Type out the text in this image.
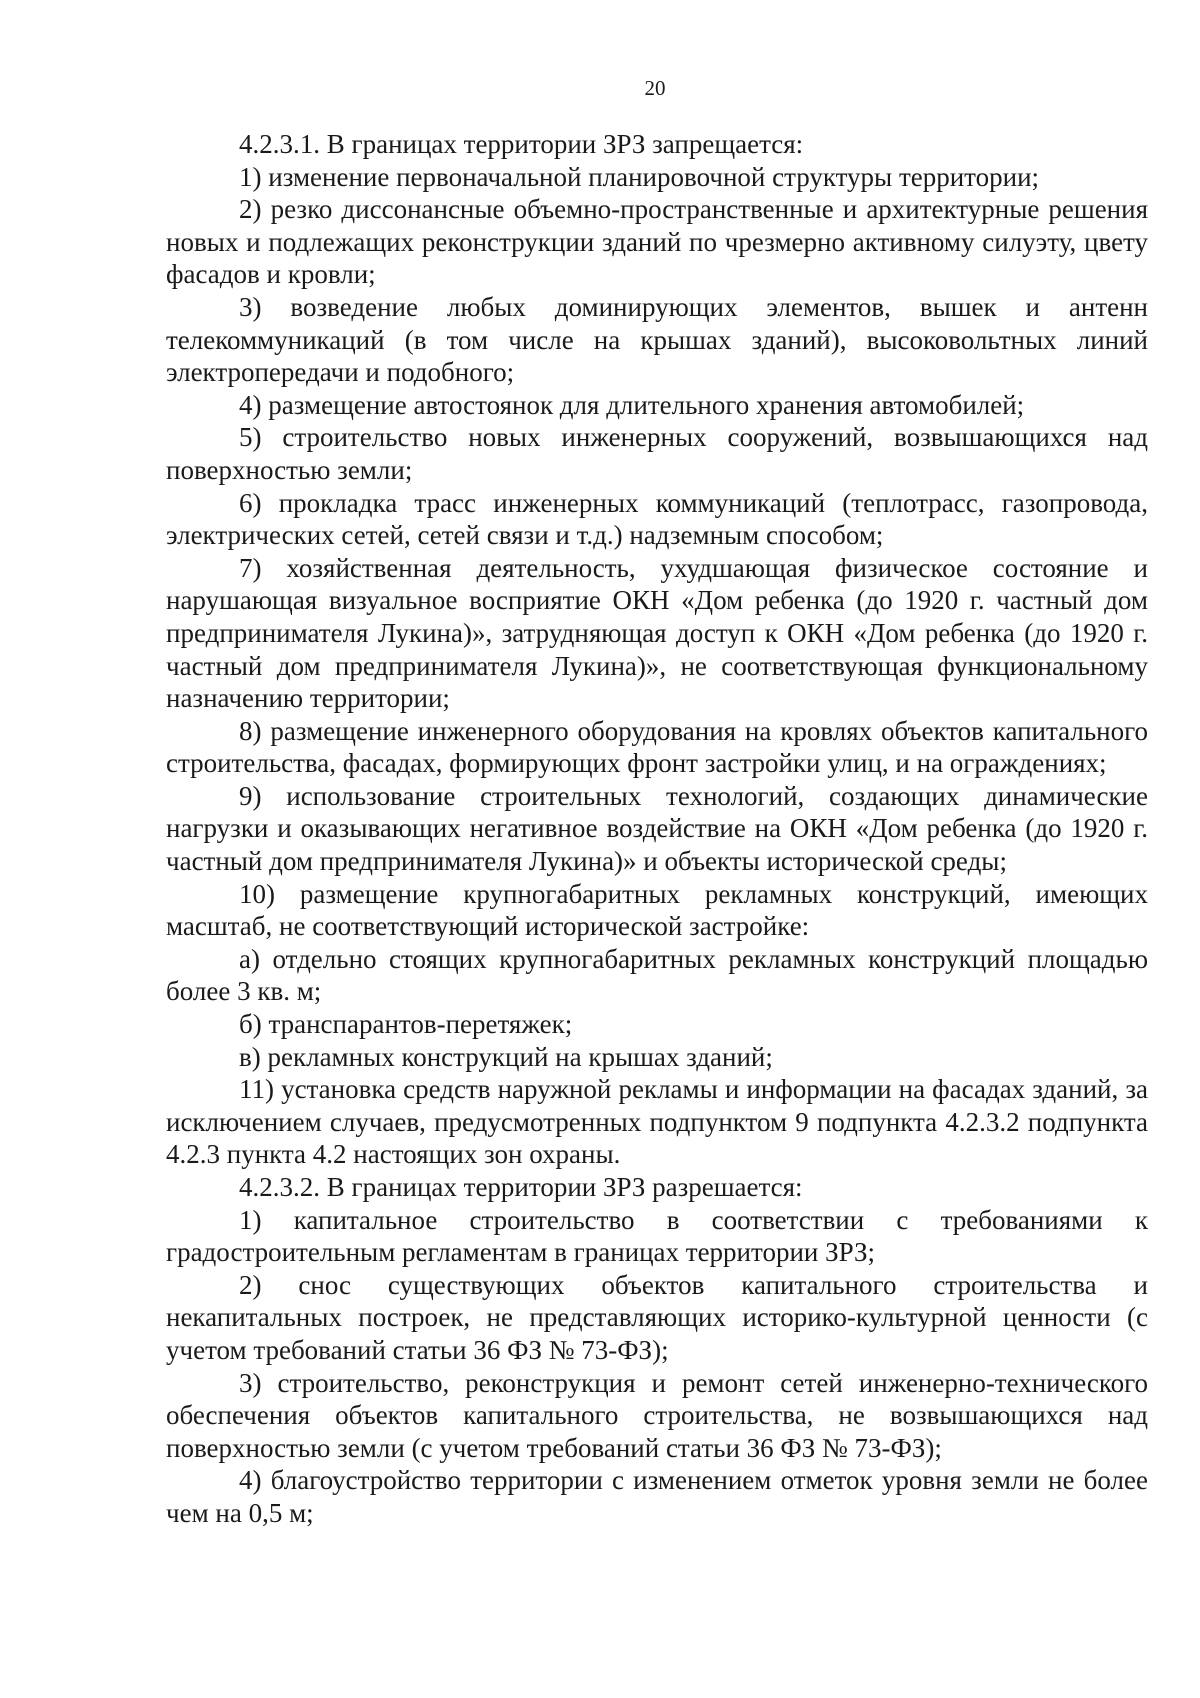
20

4.2.3.1. В границах территории ЗРЗ запрещается:

1) изменение первоначальной планировочной структуры территории;

2) резко диссонансные объемно-пространственные и архитектурные решения новых и подлежащих реконструкции зданий по чрезмерно активному силуэту, цвету фасадов и кровли;

3) возведение любых доминирующих элементов, вышек и антенн телекоммуникаций (в том числе на крышах зданий), высоковольтных линий электропередачи и подобного;

4) размещение автостоянок для длительного хранения автомобилей;

5) строительство новых инженерных сооружений, возвышающихся над поверхностью земли;

6) прокладка трасс инженерных коммуникаций (теплотрасс, газопровода, электрических сетей, сетей связи и т.д.) надземным способом;

7) хозяйственная деятельность, ухудшающая физическое состояние и нарушающая визуальное восприятие ОКН «Дом ребенка (до 1920 г. частный дом предпринимателя Лукина)», затрудняющая доступ к ОКН «Дом ребенка (до 1920 г. частный дом предпринимателя Лукина)», не соответствующая функциональному назначению территории;

8) размещение инженерного оборудования на кровлях объектов капитального строительства, фасадах, формирующих фронт застройки улиц, и на ограждениях;

9) использование строительных технологий, создающих динамические нагрузки и оказывающих негативное воздействие на ОКН «Дом ребенка (до 1920 г. частный дом предпринимателя Лукина)» и объекты исторической среды;

10) размещение крупногабаритных рекламных конструкций, имеющих масштаб, не соответствующий исторической застройке:

а) отдельно стоящих крупногабаритных рекламных конструкций площадью более 3 кв. м;

б) транспарантов-перетяжек;

в) рекламных конструкций на крышах зданий;

11) установка средств наружной рекламы и информации на фасадах зданий, за исключением случаев, предусмотренных подпунктом 9 подпункта 4.2.3.2 подпункта 4.2.3 пункта 4.2 настоящих зон охраны.

4.2.3.2. В границах территории ЗРЗ разрешается:

1) капитальное строительство в соответствии с требованиями к градостроительным регламентам в границах территории ЗРЗ;

2) снос существующих объектов капитального строительства и некапитальных построек, не представляющих историко-культурной ценности (с учетом требований статьи 36 ФЗ № 73-ФЗ);

3) строительство, реконструкция и ремонт сетей инженерно-технического обеспечения объектов капитального строительства, не возвышающихся над поверхностью земли (с учетом требований статьи 36 ФЗ № 73-ФЗ);

4) благоустройство территории с изменением отметок уровня земли не более чем на 0,5 м;
